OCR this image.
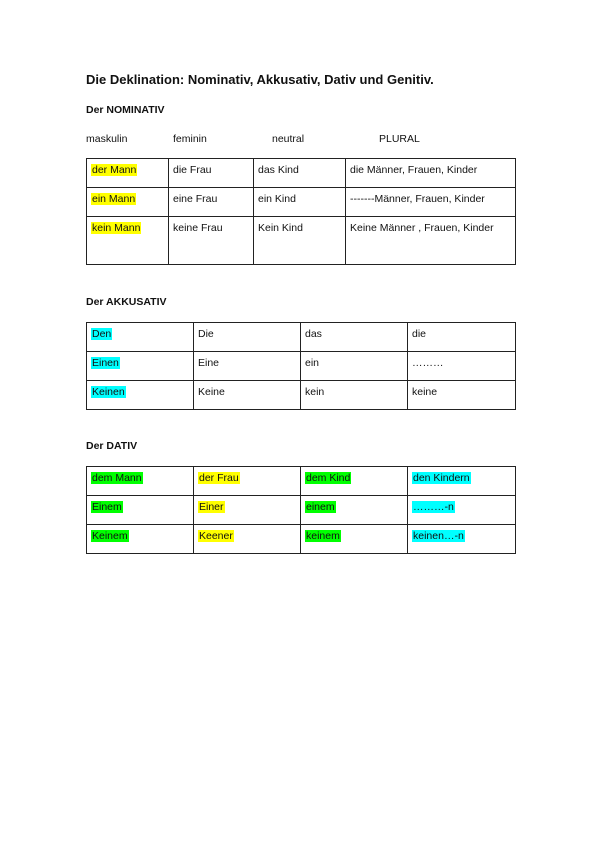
Die Deklination: Nominativ, Akkusativ, Dativ und Genitiv.
Der NOMINATIV
maskulin	feminin	neutral	PLURAL
der Mann	die Frau	das Kind	die Männer, Frauen, Kinder
ein Mann	eine Frau	ein Kind	-------Männer, Frauen, Kinder
kein Mann	keine Frau	Kein Kind	Keine Männer , Frauen, Kinder
Der AKKUSATIV
Den	Die	das	die
Einen	Eine	ein	………
Keinen	Keine	kein	keine
Der DATIV
dem Mann	der Frau	dem Kind	den Kindern
Einem	Einer	einem	………-n
Keinem	Keener	keinem	keinen…-n
